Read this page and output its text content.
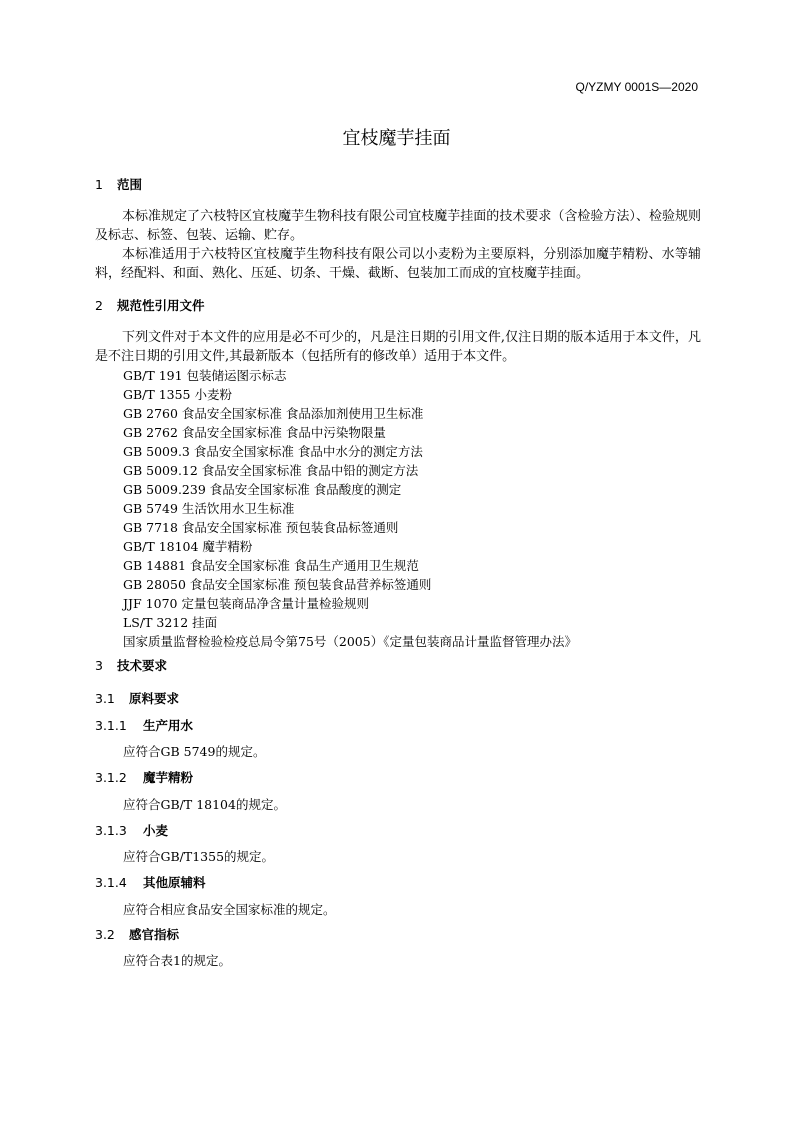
Q/YZMY 0001S—2020
宜枝魔芋挂面
1 范围
本标准规定了六枝特区宜枝魔芋生物科技有限公司宜枝魔芋挂面的技术要求（含检验方法）、检验规则及标志、标签、包装、运输、贮存。
本标准适用于六枝特区宜枝魔芋生物科技有限公司以小麦粉为主要原料，分别添加魔芋精粉、水等辅料，经配料、和面、熟化、压延、切条、干燥、截断、包装加工而成的宜枝魔芋挂面。
2 规范性引用文件
下列文件对于本文件的应用是必不可少的，凡是注日期的引用文件,仅注日期的版本适用于本文件，凡是不注日期的引用文件,其最新版本（包括所有的修改单）适用于本文件。
GB/T 191 包装储运图示标志
GB/T 1355 小麦粉
GB 2760 食品安全国家标准 食品添加剂使用卫生标准
GB 2762 食品安全国家标准 食品中污染物限量
GB 5009.3 食品安全国家标准 食品中水分的测定方法
GB 5009.12 食品安全国家标准 食品中铅的测定方法
GB 5009.239 食品安全国家标准 食品酸度的测定
GB 5749 生活饮用水卫生标准
GB 7718 食品安全国家标准 预包装食品标签通则
GB/T 18104 魔芋精粉
GB 14881 食品安全国家标准 食品生产通用卫生规范
GB 28050 食品安全国家标准 预包装食品营养标签通则
JJF 1070 定量包装商品净含量计量检验规则
LS/T 3212 挂面
国家质量监督检验检疫总局令第75号（2005）《定量包装商品计量监督管理办法》
3 技术要求
3.1 原料要求
3.1.1 生产用水
应符合GB 5749的规定。
3.1.2 魔芋精粉
应符合GB/T 18104的规定。
3.1.3 小麦
应符合GB/T1355的规定。
3.1.4 其他原辅料
应符合相应食品安全国家标准的规定。
3.2 感官指标
应符合表1的规定。
